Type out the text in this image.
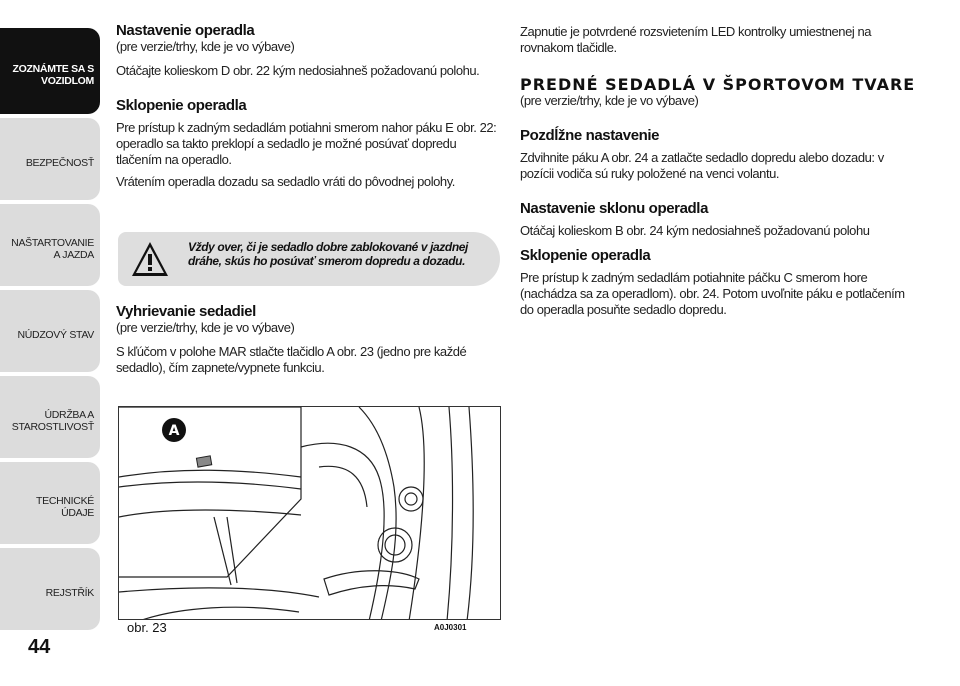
ZOZNÁMTE SA S VOZIDLOM
BEZPEČNOSŤ
NAŠTARTOVANIE A JAZDA
NÚDZOVÝ STAV
ÚDRŽBA A STAROSTLIVOSŤ
TECHNICKÉ ÚDAJE
REJSTŘÍK
44

Nastavenie operadla

(pre verzie/trhy, kde je vo výbave)

Otáčajte kolieskom D obr. 22 kým nedosiahneš požadovanú polohu.

Sklopenie operadla

Pre prístup k zadným sedadlám potiahni smerom nahor páku E obr. 22: operadlo sa takto preklopí a sedadlo je možné posúvať dopredu tlačením na operadlo.

Vrátením operadla dozadu sa sedadlo vráti do pôvodnej polohy.

Vždy over, či je sedadlo dobre zablokované v jazdnej dráhe, skús ho posúvať smerom dopredu a dozadu.

Vyhrievanie sedadiel

(pre verzie/trhy, kde je vo výbave)

S kľúčom v polohe MAR stlačte tlačidlo A obr. 23 (jedno pre každé sedadlo), čím zapnete/vypnete funkciu.

A
obr. 23	A0J0301

Zapnutie je potvrdené rozsvietením LED kontrolky umiestnenej na rovnakom tlačidle.

PREDNÉ SEDADLÁ V ŠPORTOVOM TVARE

(pre verzie/trhy, kde je vo výbave)

Pozdĺžne nastavenie

Zdvihnite páku A obr. 24 a zatlačte sedadlo dopredu alebo dozadu: v pozícii vodiča sú ruky položené na venci volantu.

Nastavenie sklonu operadla

Otáčaj kolieskom B obr. 24 kým nedosiahneš požadovanú polohu

Sklopenie operadla

Pre prístup k zadným sedadlám potiahnite páčku C smerom hore (nachádza sa za operadlom). obr. 24. Potom uvoľnite páku e potlačením do operadla posuňte sedadlo dopredu.
